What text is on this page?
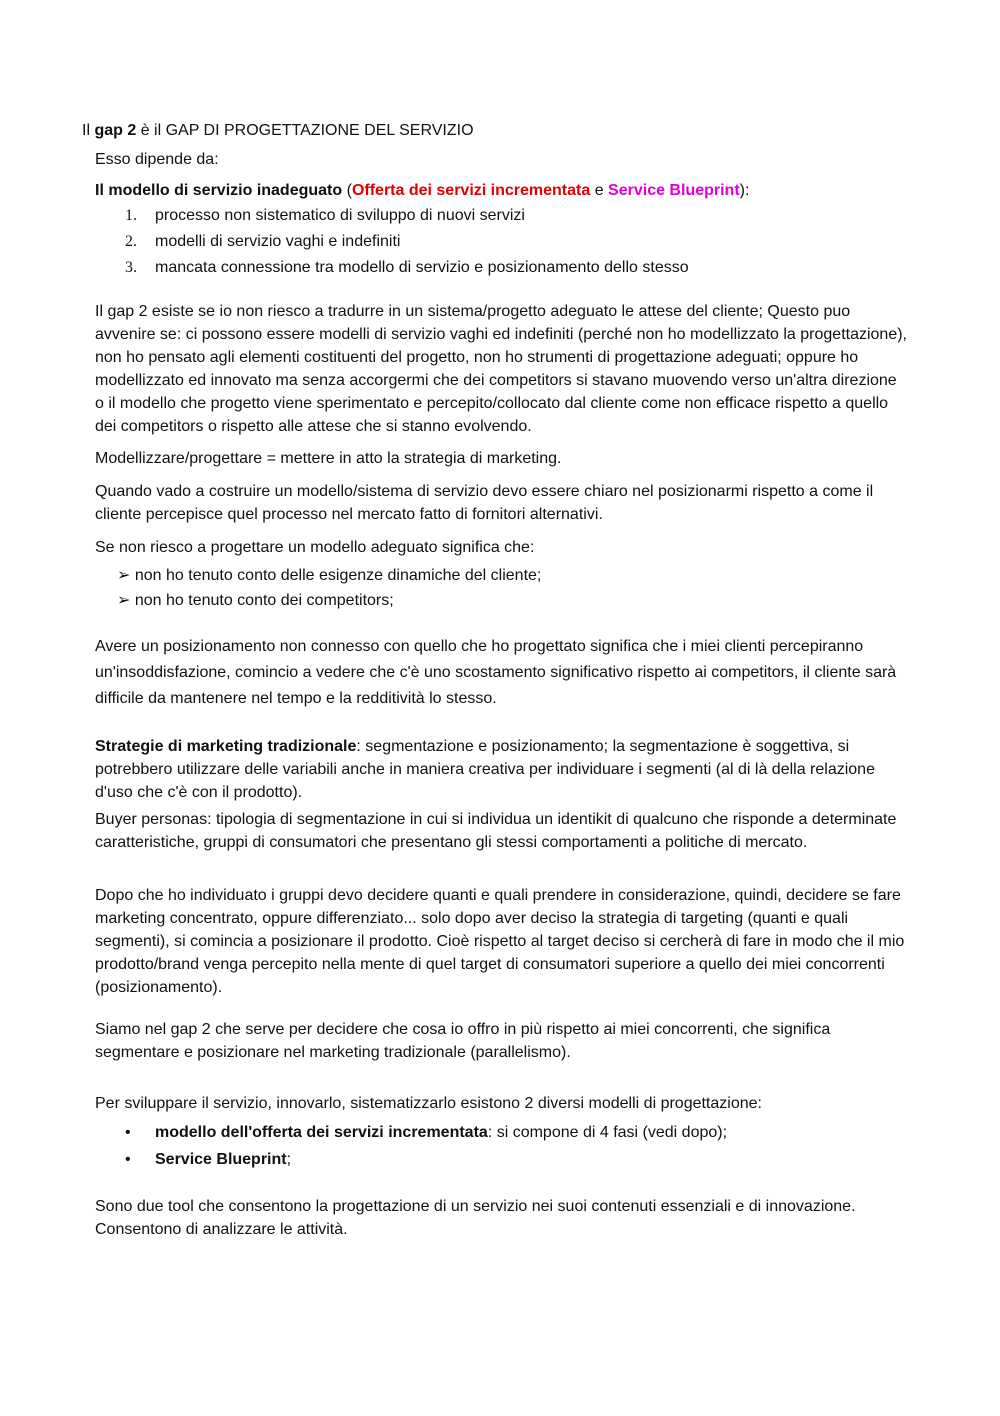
Il gap 2 è il GAP DI PROGETTAZIONE DEL SERVIZIO

Esso dipende da:

Il modello di servizio inadeguato (Offerta dei servizi incrementata e Service Blueprint):

1. processo non sistematico di sviluppo di nuovi servizi
2. modelli di servizio vaghi e indefiniti
3. mancata connessione tra modello di servizio e posizionamento dello stesso

Il gap 2 esiste se io non riesco a tradurre in un sistema/progetto adeguato le attese del cliente; Questo puo avvenire se: ci possono essere modelli di servizio vaghi ed indefiniti (perché non ho modellizzato la progettazione), non ho pensato agli elementi costituenti del progetto, non ho strumenti di progettazione adeguati; oppure ho modellizzato ed innovato ma senza accorgermi che dei competitors si stavano muovendo verso un'altra direzione o il modello che progetto viene sperimentato e percepito/collocato dal cliente come non efficace rispetto a quello dei competitors o rispetto alle attese che si stanno evolvendo.

Modellizzare/progettare = mettere in atto la strategia di marketing.

Quando vado a costruire un modello/sistema di servizio devo essere chiaro nel posizionarmi rispetto a come il cliente percepisce quel processo nel mercato fatto di fornitori alternativi.

Se non riesco a progettare un modello adeguato significa che:

➢ non ho tenuto conto delle esigenze dinamiche del cliente;
➢ non ho tenuto conto dei competitors;

Avere un posizionamento non connesso con quello che ho progettato significa che i miei clienti percepiranno un'insoddisfazione, comincio a vedere che c'è uno scostamento significativo rispetto ai competitors, il cliente sarà difficile da mantenere nel tempo e la redditività lo stesso.

Strategie di marketing tradizionale: segmentazione e posizionamento; la segmentazione è soggettiva, si potrebbero utilizzare delle variabili anche in maniera creativa per individuare i segmenti (al di là della relazione d'uso che c'è con il prodotto).

Buyer personas: tipologia di segmentazione in cui si individua un identikit di qualcuno che risponde a determinate caratteristiche, gruppi di consumatori che presentano gli stessi comportamenti a politiche di mercato.

Dopo che ho individuato i gruppi devo decidere quanti e quali prendere in considerazione, quindi, decidere se fare marketing concentrato, oppure differenziato... solo dopo aver deciso la strategia di targeting (quanti e quali segmenti), si comincia a posizionare il prodotto. Cioè rispetto al target deciso si cercherà di fare in modo che il mio prodotto/brand venga percepito nella mente di quel target di consumatori superiore a quello dei miei concorrenti (posizionamento).

Siamo nel gap 2 che serve per decidere che cosa io offro in più rispetto ai miei concorrenti, che significa segmentare e posizionare nel marketing tradizionale (parallelismo).

Per sviluppare il servizio, innovarlo, sistematizzarlo esistono 2 diversi modelli di progettazione:

• modello dell'offerta dei servizi incrementata: si compone di 4 fasi (vedi dopo);
• Service Blueprint;

Sono due tool che consentono la progettazione di un servizio nei suoi contenuti essenziali e di innovazione. Consentono di analizzare le attività.
